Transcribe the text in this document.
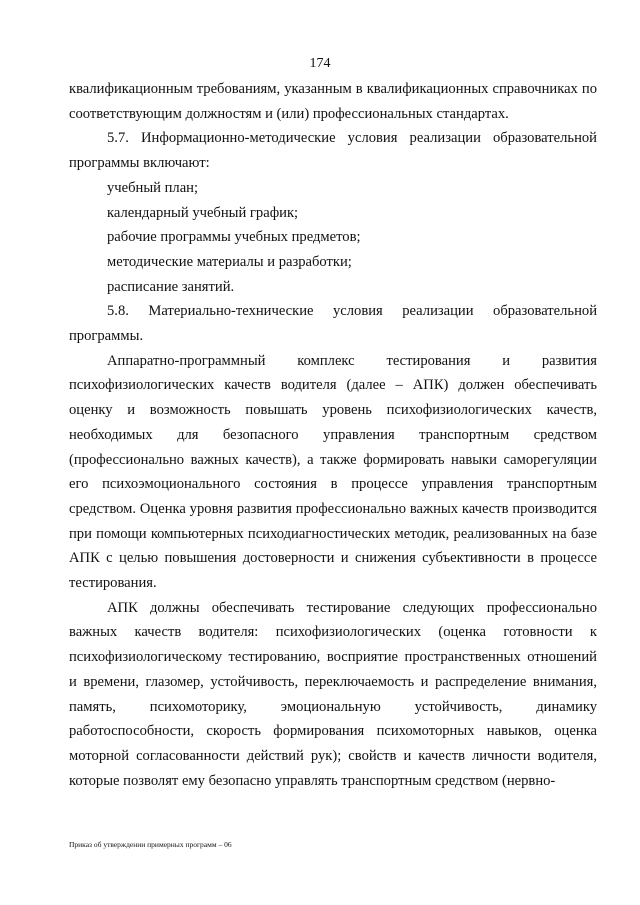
174

квалификационным требованиям, указанным в квалификационных справочниках по соответствующим должностям и (или) профессиональных стандартах.

5.7. Информационно-методические условия реализации образовательной программы включают:

учебный план;

календарный учебный график;

рабочие программы учебных предметов;

методические материалы и разработки;

расписание занятий.

5.8. Материально-технические условия реализации образовательной программы.

Аппаратно-программный комплекс тестирования и развития психофизиологических качеств водителя (далее – АПК) должен обеспечивать оценку и возможность повышать уровень психофизиологических качеств, необходимых для безопасного управления транспортным средством (профессионально важных качеств), а также формировать навыки саморегуляции его психоэмоционального состояния в процессе управления транспортным средством. Оценка уровня развития профессионально важных качеств производится при помощи компьютерных психодиагностических методик, реализованных на базе АПК с целью повышения достоверности и снижения субъективности в процессе тестирования.

АПК должны обеспечивать тестирование следующих профессионально важных качеств водителя: психофизиологических (оценка готовности к психофизиологическому тестированию, восприятие пространственных отношений и времени, глазомер, устойчивость, переключаемость и распределение внимания, память, психомоторику, эмоциональную устойчивость, динамику работоспособности, скорость формирования психомоторных навыков, оценка моторной согласованности действий рук); свойств и качеств личности водителя, которые позволят ему безопасно управлять транспортным средством (нервно-

Приказ об утверждении примерных программ – 06
